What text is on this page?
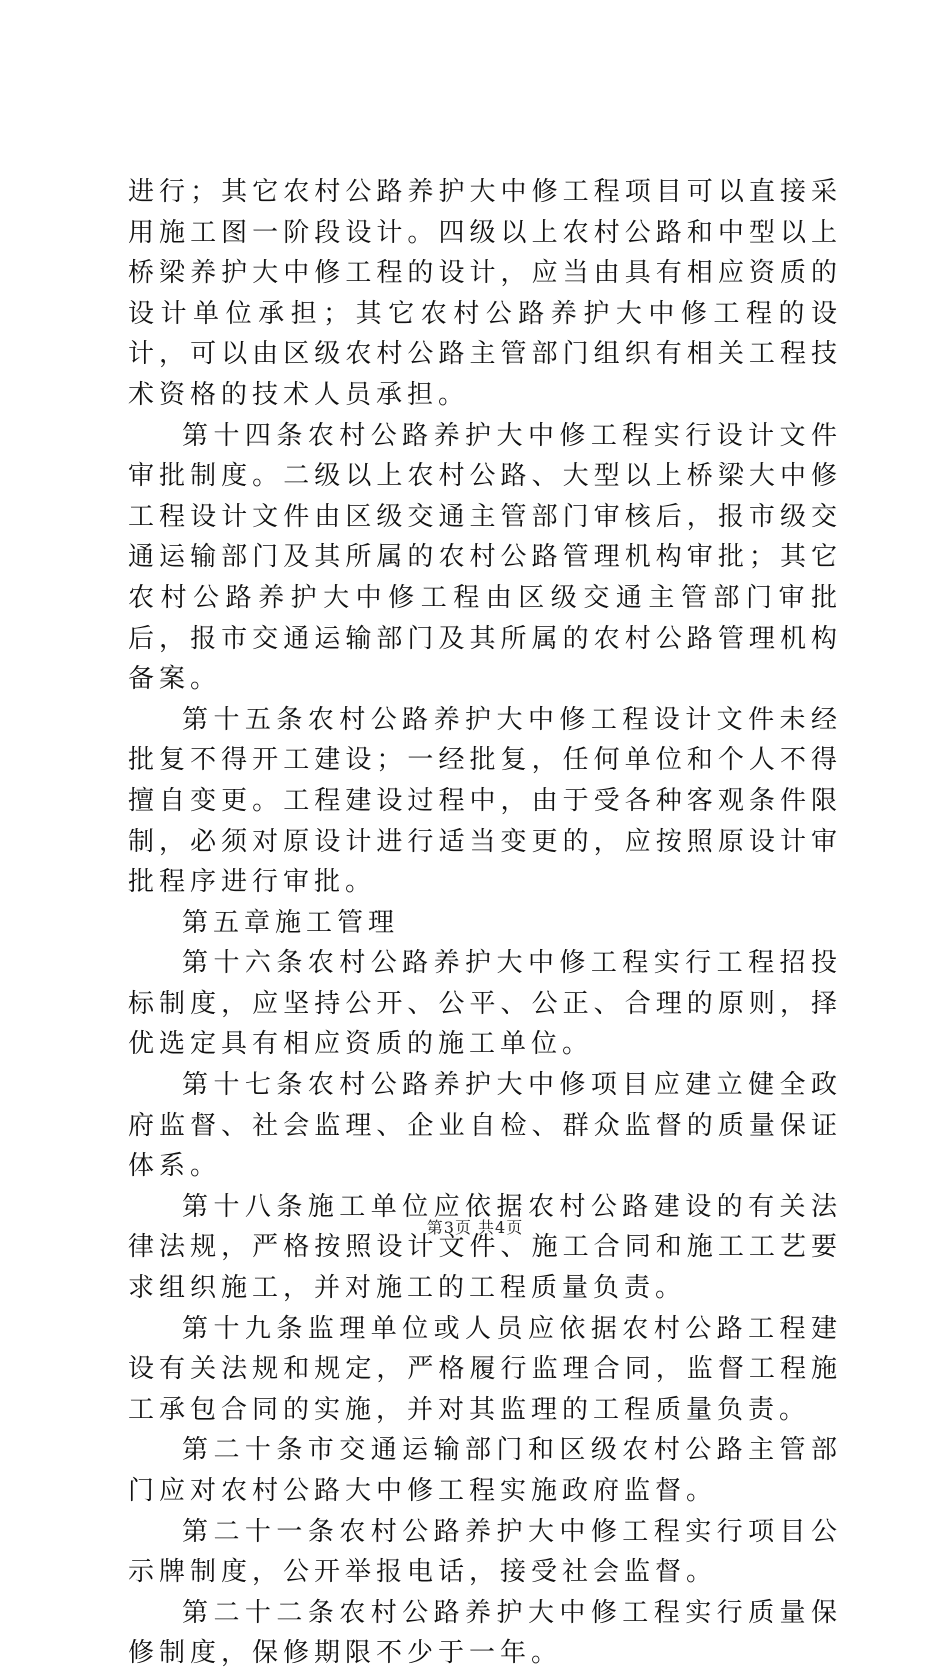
进行；其它农村公路养护大中修工程项目可以直接采用施工图一阶段设计。四级以上农村公路和中型以上桥梁养护大中修工程的设计，应当由具有相应资质的设计单位承担；其它农村公路养护大中修工程的设计，可以由区级农村公路主管部门组织有相关工程技术资格的技术人员承担。

第十四条农村公路养护大中修工程实行设计文件审批制度。二级以上农村公路、大型以上桥梁大中修工程设计文件由区级交通主管部门审核后，报市级交通运输部门及其所属的农村公路管理机构审批；其它农村公路养护大中修工程由区级交通主管部门审批后，报市交通运输部门及其所属的农村公路管理机构备案。

第十五条农村公路养护大中修工程设计文件未经批复不得开工建设；一经批复，任何单位和个人不得擅自变更。工程建设过程中，由于受各种客观条件限制，必须对原设计进行适当变更的，应按照原设计审批程序进行审批。

第五章施工管理

第十六条农村公路养护大中修工程实行工程招投标制度，应坚持公开、公平、公正、合理的原则，择优选定具有相应资质的施工单位。

第十七条农村公路养护大中修项目应建立健全政府监督、社会监理、企业自检、群众监督的质量保证体系。

第十八条施工单位应依据农村公路建设的有关法律法规，严格按照设计文件、施工合同和施工工艺要求组织施工，并对施工的工程质量负责。

第十九条监理单位或人员应依据农村公路工程建设有关法规和规定，严格履行监理合同，监督工程施工承包合同的实施，并对其监理的工程质量负责。

第二十条市交通运输部门和区级农村公路主管部门应对农村公路大中修工程实施政府监督。

第二十一条农村公路养护大中修工程实行项目公示牌制度，公开举报电话，接受社会监督。

第二十二条农村公路养护大中修工程实行质量保修制度，保修期限不少于一年。

第3页 共4页
